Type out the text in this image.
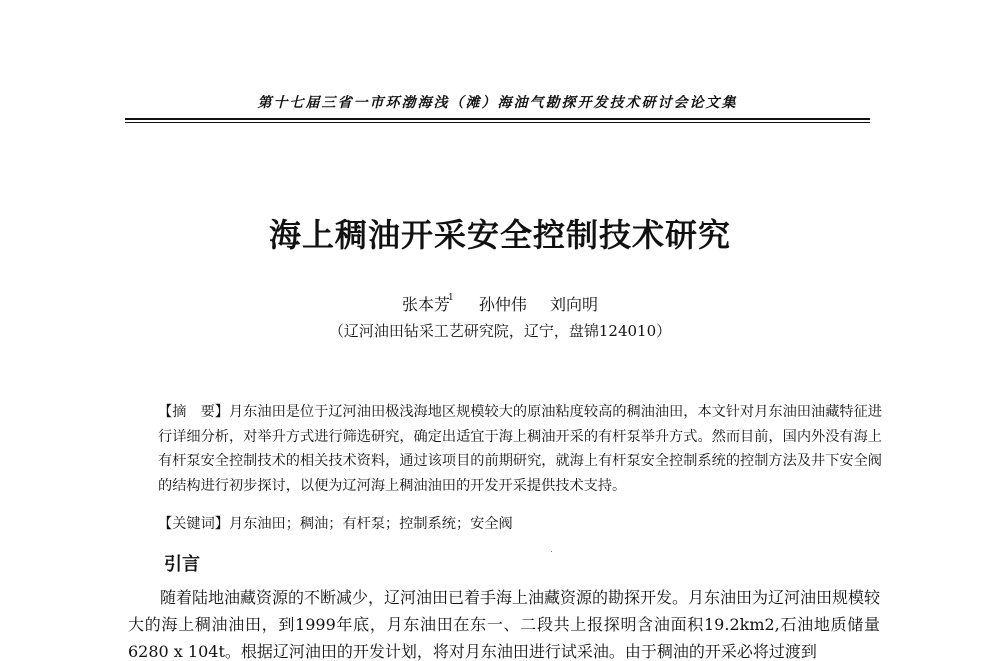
第十七届三省一市环渤海浅（滩）海油气勘探开发技术研讨会论文集
海上稠油开采安全控制技术研究
张本芳$^1$ 孙仲伟 刘向明
（辽河油田钻采工艺研究院，辽宁，盘锦124010）

【摘　要】月东油田是位于辽河油田极浅海地区规模较大的原油粘度较高的稠油油田，本文针对月东油田油藏特征进行详细分析，对举升方式进行筛选研究，确定出适宜于海上稠油开采的有杆泵举升方式。然而目前，国内外没有海上有杆泵安全控制技术的相关技术资料，通过该项目的前期研究，就海上有杆泵安全控制系统的控制方法及井下安全阀的结构进行初步探讨，以便为辽河海上稠油油田的开发开采提供技术支持。

【关键词】月东油田；稠油；有杆泵；控制系统；安全阀
引言

随着陆地油藏资源的不断减少，辽河油田已着手海上油藏资源的勘探开发。月东油田为辽河油田规模较大的海上稠油油田，到1999年底，月东油田在东一、二段共上报探明含油面积19.2km2,石油地质储量6280 x 104t。根据辽河油田的开发计划，将对月东油田进行试采油。由于稠油的开采必将过渡到
